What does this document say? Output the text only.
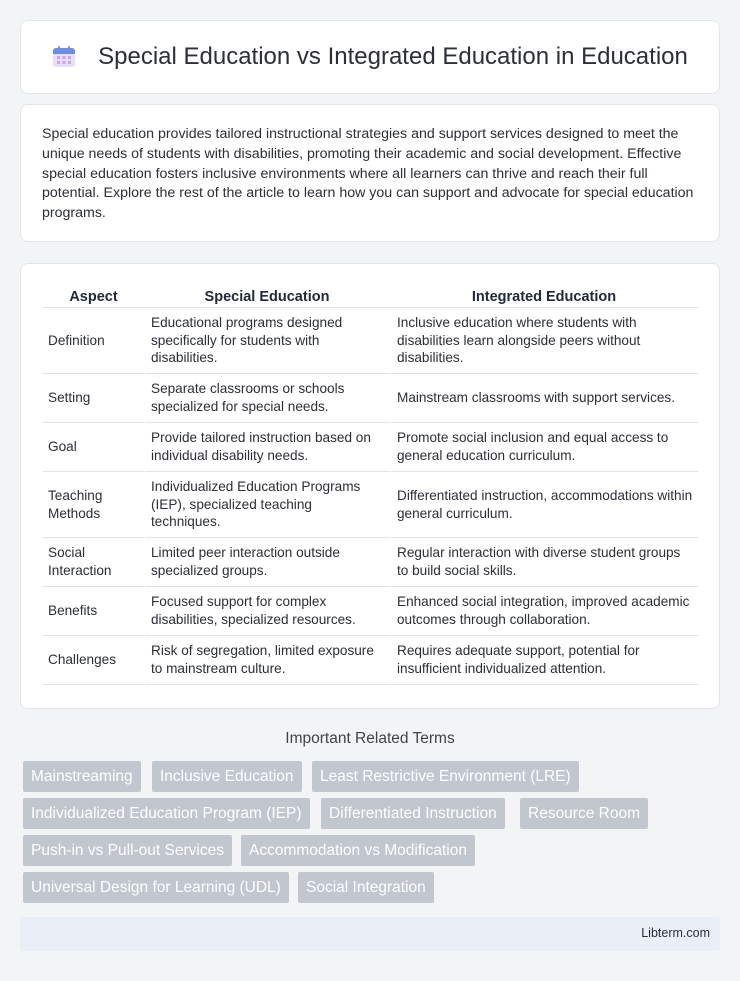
Special Education vs Integrated Education in Education

Special education provides tailored instructional strategies and support services designed to meet the unique needs of students with disabilities, promoting their academic and social development. Effective special education fosters inclusive environments where all learners can thrive and reach their full potential. Explore the rest of the article to learn how you can support and advocate for special education programs.

Aspect	Special Education	Integrated Education
Definition	Educational programs designed specifically for students with disabilities.	Inclusive education where students with disabilities learn alongside peers without disabilities.
Setting	Separate classrooms or schools specialized for special needs.	Mainstream classrooms with support services.
Goal	Provide tailored instruction based on individual disability needs.	Promote social inclusion and equal access to general education curriculum.
Teaching Methods	Individualized Education Programs (IEP), specialized teaching techniques.	Differentiated instruction, accommodations within general curriculum.
Social Interaction	Limited peer interaction outside specialized groups.	Regular interaction with diverse student groups to build social skills.
Benefits	Focused support for complex disabilities, specialized resources.	Enhanced social integration, improved academic outcomes through collaboration.
Challenges	Risk of segregation, limited exposure to mainstream culture.	Requires adequate support, potential for insufficient individualized attention.
Important Related Terms
Mainstreaming	Inclusive Education	Least Restrictive Environment (LRE)
Individualized Education Program (IEP)	Differentiated Instruction	Resource Room
Push-in vs Pull-out Services	Accommodation vs Modification
Universal Design for Learning (UDL)	Social Integration
Libterm.com
